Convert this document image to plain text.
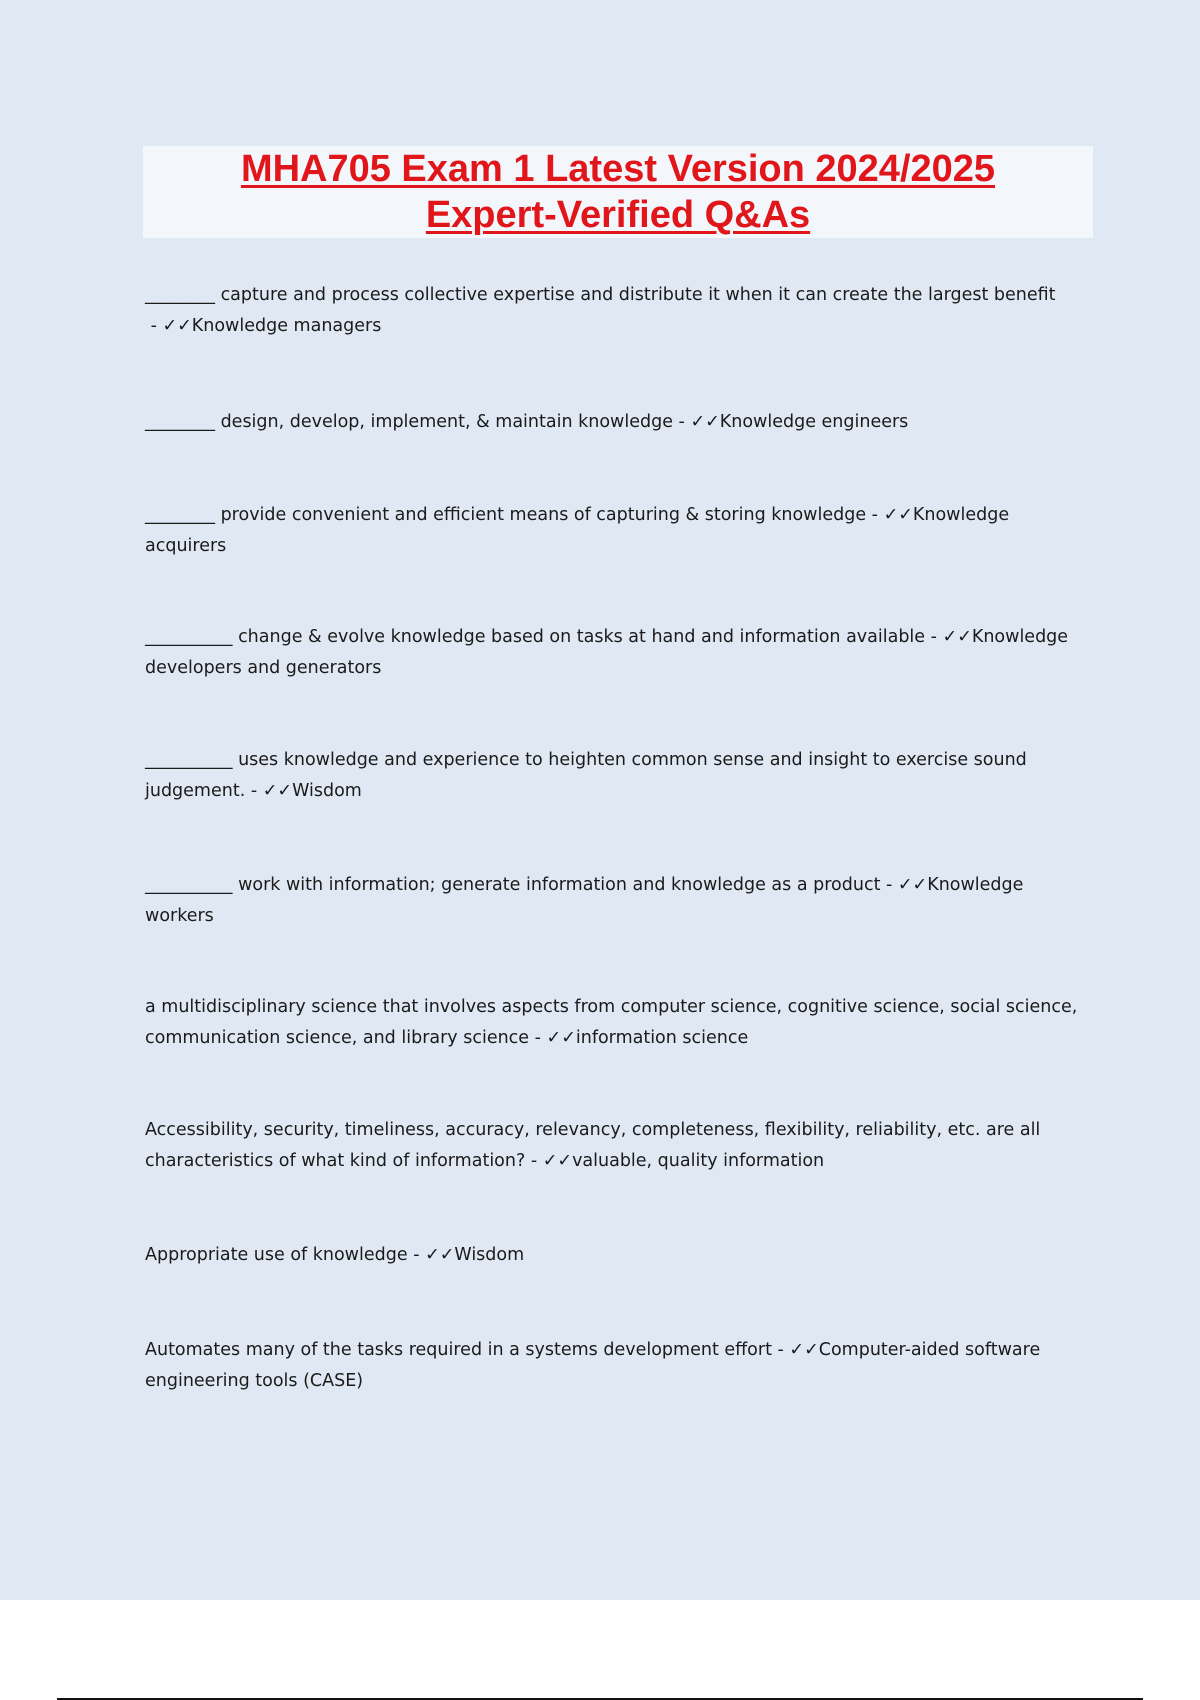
MHA705 Exam 1 Latest Version 2024/2025
Expert-Verified Q&As

________ capture and process collective expertise and distribute it when it can create the largest benefit - ✓✓Knowledge managers

________ design, develop, implement, & maintain knowledge - ✓✓Knowledge engineers

________ provide convenient and efficient means of capturing & storing knowledge - ✓✓Knowledge acquirers

__________ change & evolve knowledge based on tasks at hand and information available - ✓✓Knowledge developers and generators

__________ uses knowledge and experience to heighten common sense and insight to exercise sound judgement. - ✓✓Wisdom

__________ work with information; generate information and knowledge as a product - ✓✓Knowledge workers

a multidisciplinary science that involves aspects from computer science, cognitive science, social science, communication science, and library science - ✓✓information science

Accessibility, security, timeliness, accuracy, relevancy, completeness, flexibility, reliability, etc. are all characteristics of what kind of information? - ✓✓valuable, quality information

Appropriate use of knowledge - ✓✓Wisdom

Automates many of the tasks required in a systems development effort - ✓✓Computer-aided software engineering tools (CASE)
